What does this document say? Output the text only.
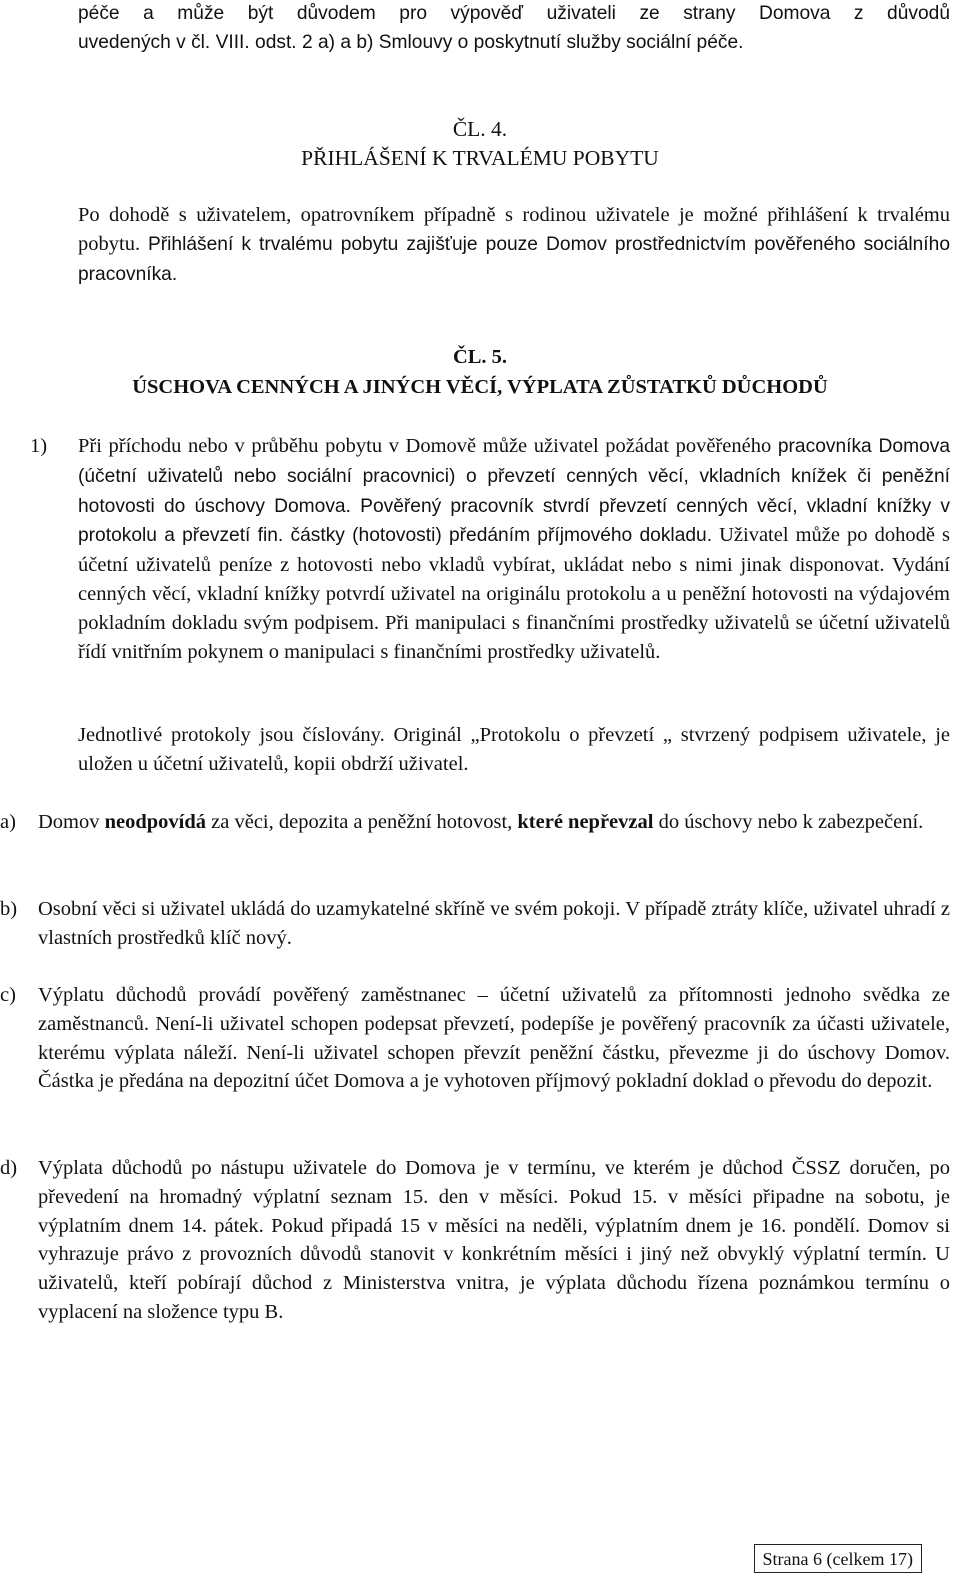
péče a může být důvodem pro výpověď uživateli ze strany Domova z důvodů
uvedených v čl. VIII. odst. 2 a) a b) Smlouvy o poskytnutí služby sociální péče.
ČL. 4.
PŘIHLÁŠENÍ K TRVALÉMU POBYTU
Po dohodě s uživatelem, opatrovníkem případně s rodinou uživatele je možné přihlášení k trvalému pobytu. Přihlášení k trvalému pobytu zajišťuje pouze Domov prostřednictvím pověřeného sociálního pracovníka.
ČL. 5.
ÚSCHOVA CENNÝCH A JINÝCH VĚCÍ, VÝPLATA ZŮSTATKŮ DŮCHODŮ
1) Při příchodu nebo v průběhu pobytu v Domově může uživatel požádat pověřeného pracovníka Domova (účetní uživatelů nebo sociální pracovnici) o převzetí cenných věcí, vkladních knížek či peněžní hotovosti do úschovy Domova. Pověřený pracovník stvrdí převzetí cenných věcí, vkladní knížky v protokolu a převzetí fin. částky (hotovosti) předáním příjmového dokladu. Uživatel může po dohodě s účetní uživatelů peníze z hotovosti nebo vkladů vybírat, ukládat nebo s nimi jinak disponovat. Vydání cenných věcí, vkladní knížky potvrdí uživatel na originálu protokolu a u peněžní hotovosti na výdajovém pokladním dokladu svým podpisem. Při manipulaci s finančními prostředky uživatelů se účetní uživatelů řídí vnitřním pokynem o manipulaci s finančními prostředky uživatelů.
Jednotlivé protokoly jsou číslovány. Originál „Protokolu o převzetí „ stvrzený podpisem uživatele, je uložen u účetní uživatelů, kopii obdrží uživatel.
a) Domov neodpovídá za věci, depozita a peněžní hotovost, které nepřevzal do úschovy nebo k zabezpečení.
b) Osobní věci si uživatel ukládá do uzamykatelné skříně ve svém pokoji. V případě ztráty klíče, uživatel uhradí z vlastních prostředků klíč nový.
c) Výplatu důchodů provádí pověřený zaměstnanec – účetní uživatelů za přítomnosti jednoho svědka ze zaměstnanců. Není-li uživatel schopen podepsat převzetí, podepíše je pověřený pracovník za účasti uživatele, kterému výplata náleží. Není-li uživatel schopen převzít peněžní částku, převezme ji do úschovy Domov. Částka je předána na depozitní účet Domova a je vyhotoven příjmový pokladní doklad o převodu do depozit.
d) Výplata důchodů po nástupu uživatele do Domova je v termínu, ve kterém je důchod ČSSZ doručen, po převedení na hromadný výplatní seznam 15. den v měsíci. Pokud 15. v měsíci připadne na sobotu, je výplatním dnem 14. pátek. Pokud připadá 15 v měsíci na neděli, výplatním dnem je 16. pondělí. Domov si vyhrazuje právo z provozních důvodů stanovit v konkrétním měsíci i jiný než obvyklý výplatní termín. U uživatelů, kteří pobírají důchod z Ministerstva vnitra, je výplata důchodu řízena poznámkou termínu o vyplacení na složence typu B.
Strana 6 (celkem 17)
